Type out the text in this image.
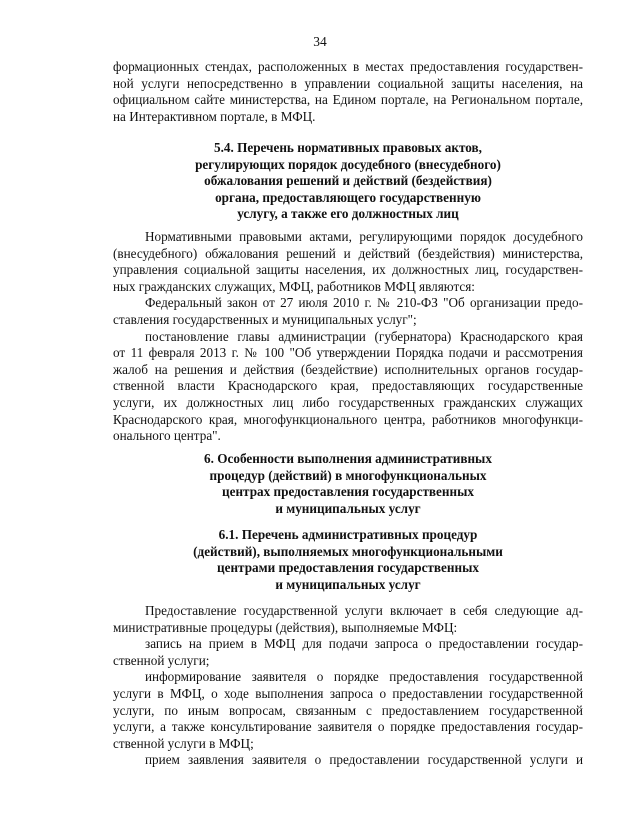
34
формационных стендах, расположенных в местах предоставления государствен-
ной услуги непосредственно в управлении социальной защиты населения, на
официальном сайте министерства, на Едином портале, на Региональном портале,
на Интерактивном портале, в МФЦ.
5.4. Перечень нормативных правовых актов,
регулирующих порядок досудебного (внесудебного)
обжалования решений и действий (бездействия)
органа, предоставляющего государственную
услугу, а также его должностных лиц
Нормативными правовыми актами, регулирующими порядок досудебного
(внесудебного) обжалования решений и действий (бездействия) министерства,
управления социальной защиты населения, их должностных лиц, государствен-
ных гражданских служащих, МФЦ, работников МФЦ являются:
Федеральный закон от 27 июля 2010 г. № 210-ФЗ "Об организации предо-
ставления государственных и муниципальных услуг";
постановление главы администрации (губернатора) Краснодарского края
от 11 февраля 2013 г. № 100 "Об утверждении Порядка подачи и рассмотрения
жалоб на решения и действия (бездействие) исполнительных органов государ-
ственной власти Краснодарского края, предоставляющих государственные
услуги, их должностных лиц либо государственных гражданских служащих
Краснодарского края, многофункционального центра, работников многофункци-
онального центра".
6. Особенности выполнения административных
процедур (действий) в многофункциональных
центрах предоставления государственных
и муниципальных услуг
6.1. Перечень административных процедур
(действий), выполняемых многофункциональными
центрами предоставления государственных
и муниципальных услуг
Предоставление государственной услуги включает в себя следующие ад-
министративные процедуры (действия), выполняемые МФЦ:
запись на прием в МФЦ для подачи запроса о предоставлении государ-
ственной услуги;
информирование заявителя о порядке предоставления государственной
услуги в МФЦ, о ходе выполнения запроса о предоставлении государственной
услуги, по иным вопросам, связанным с предоставлением государственной
услуги, а также консультирование заявителя о порядке предоставления государ-
ственной услуги в МФЦ;
прием заявления заявителя о предоставлении государственной услуги и
